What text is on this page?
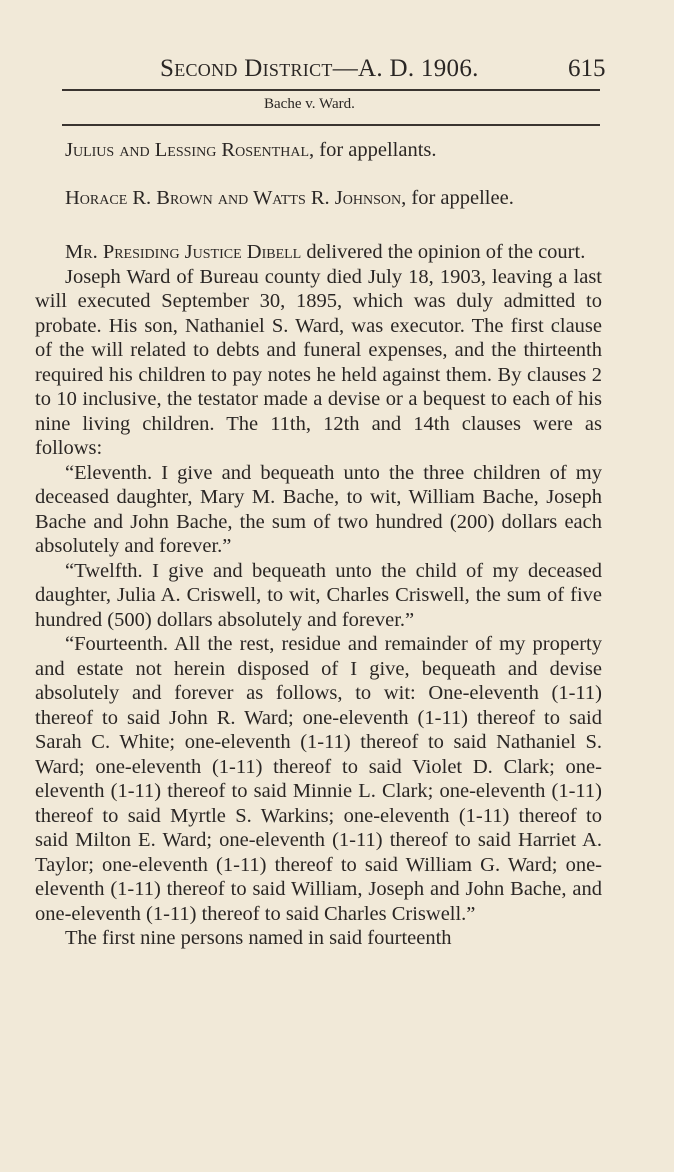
Second District—A. D. 1906.	615
Bache v. Ward.

Julius and Lessing Rosenthal, for appellants.

Horace R. Brown and Watts R. Johnson, for appellee.

Mr. Presiding Justice Dibell delivered the opinion of the court.

Joseph Ward of Bureau county died July 18, 1903, leaving a last will executed September 30, 1895, which was duly admitted to probate. His son, Nathaniel S. Ward, was executor. The first clause of the will related to debts and funeral expenses, and the thirteenth required his children to pay notes he held against them. By clauses 2 to 10 inclusive, the testator made a devise or a bequest to each of his nine living children. The 11th, 12th and 14th clauses were as follows:

“Eleventh. I give and bequeath unto the three children of my deceased daughter, Mary M. Bache, to wit, William Bache, Joseph Bache and John Bache, the sum of two hundred (200) dollars each absolutely and forever.”

“Twelfth. I give and bequeath unto the child of my deceased daughter, Julia A. Criswell, to wit, Charles Criswell, the sum of five hundred (500) dollars absolutely and forever.”

“Fourteenth. All the rest, residue and remainder of my property and estate not herein disposed of I give, bequeath and devise absolutely and forever as follows, to wit: One-eleventh (1-11) thereof to said John R. Ward; one-eleventh (1-11) thereof to said Sarah C. White; one-eleventh (1-11) thereof to said Nathaniel S. Ward; one-eleventh (1-11) thereof to said Violet D. Clark; one-eleventh (1-11) thereof to said Minnie L. Clark; one-eleventh (1-11) thereof to said Myrtle S. Warkins; one-eleventh (1-11) thereof to said Milton E. Ward; one-eleventh (1-11) thereof to said Harriet A. Taylor; one-eleventh (1-11) thereof to said William G. Ward; one-eleventh (1-11) thereof to said William, Joseph and John Bache, and one-eleventh (1-11) thereof to said Charles Criswell.”

The first nine persons named in said fourteenth
